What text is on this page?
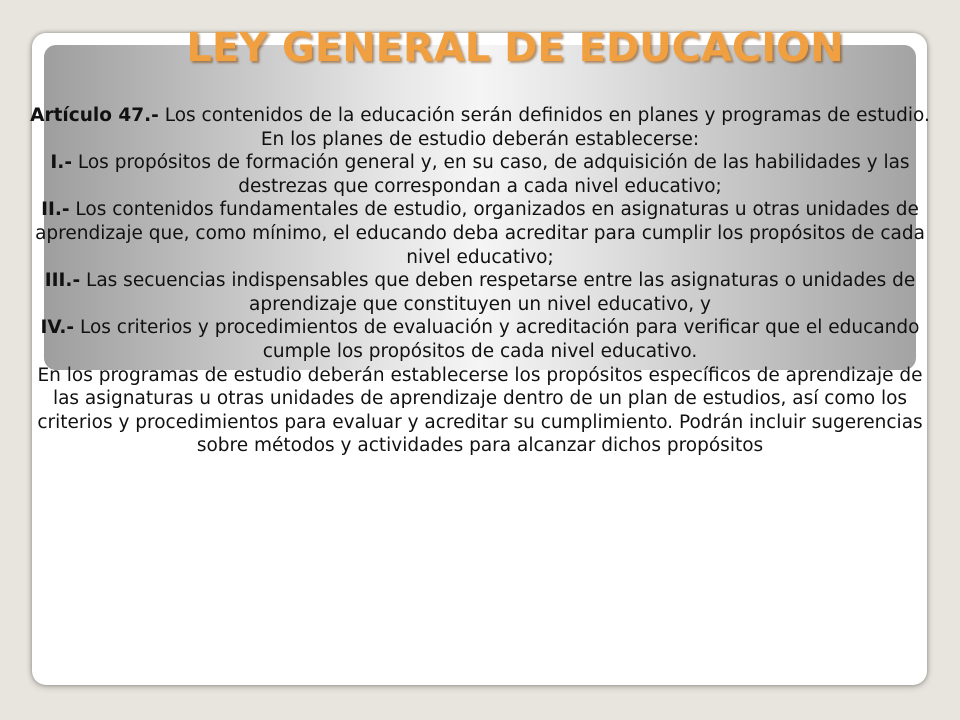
LEY GENERAL DE EDUCACION

Artículo 47.- Los contenidos de la educación serán definidos en planes y programas de estudio.

En los planes de estudio deberán establecerse:

I.- Los propósitos de formación general y, en su caso, de adquisición de las habilidades y las destrezas que correspondan a cada nivel educativo;

II.- Los contenidos fundamentales de estudio, organizados en asignaturas u otras unidades de aprendizaje que, como mínimo, el educando deba acreditar para cumplir los propósitos de cada nivel educativo;

III.- Las secuencias indispensables que deben respetarse entre las asignaturas o unidades de aprendizaje que constituyen un nivel educativo, y

IV.- Los criterios y procedimientos de evaluación y acreditación para verificar que el educando cumple los propósitos de cada nivel educativo.

En los programas de estudio deberán establecerse los propósitos específicos de aprendizaje de las asignaturas u otras unidades de aprendizaje dentro de un plan de estudios, así como los criterios y procedimientos para evaluar y acreditar su cumplimiento. Podrán incluir sugerencias sobre métodos y actividades para alcanzar dichos propósitos
